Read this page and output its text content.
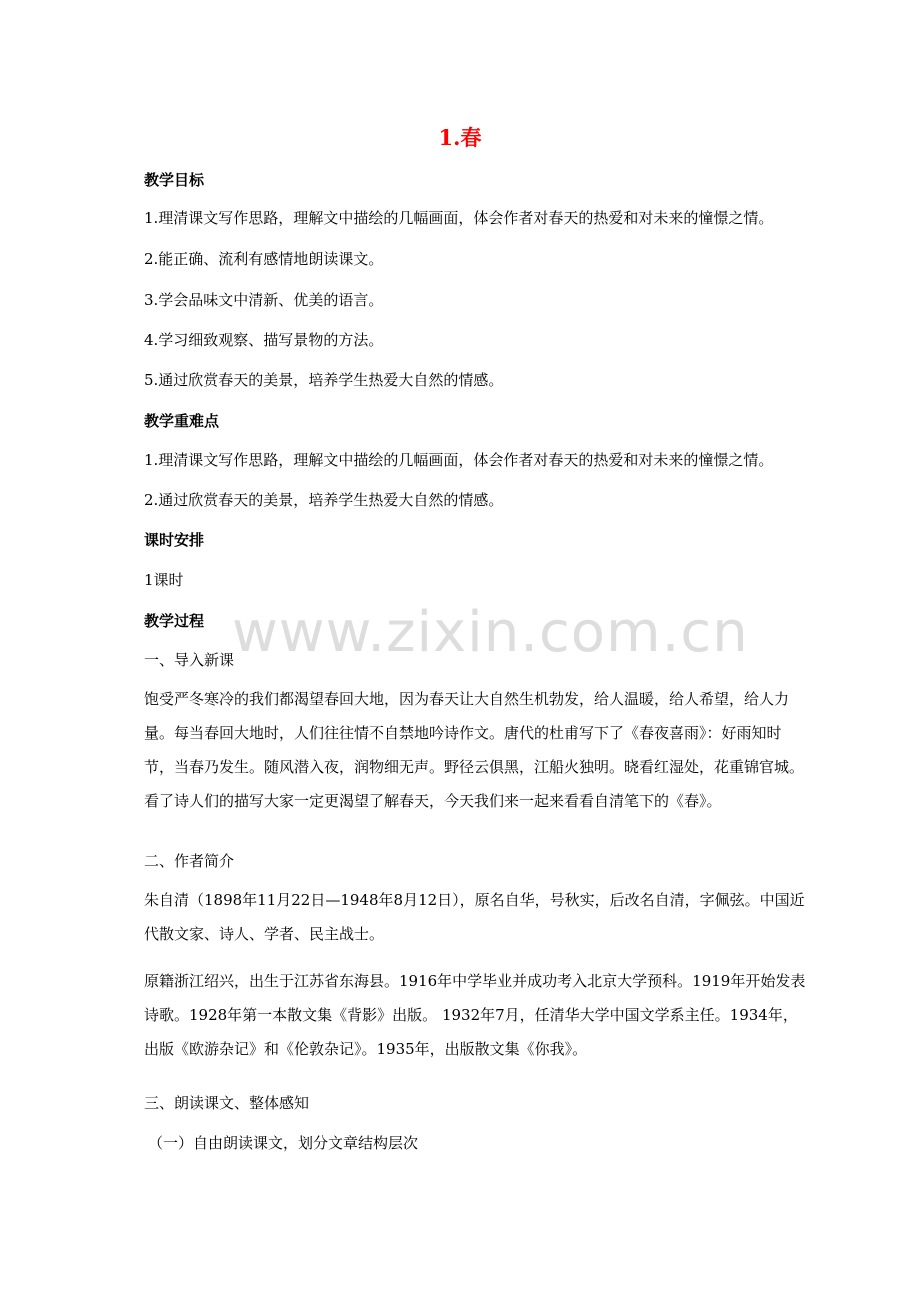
1.春
教学目标
1.理清课文写作思路，理解文中描绘的几幅画面，体会作者对春天的热爱和对未来的憧憬之情。
2.能正确、流利有感情地朗读课文。
3.学会品味文中清新、优美的语言。
4.学习细致观察、描写景物的方法。
5.通过欣赏春天的美景，培养学生热爱大自然的情感。
教学重难点
1.理清课文写作思路，理解文中描绘的几幅画面，体会作者对春天的热爱和对未来的憧憬之情。
2.通过欣赏春天的美景，培养学生热爱大自然的情感。
课时安排
1课时
教学过程
一、导入新课
饱受严冬寒冷的我们都渴望春回大地，因为春天让大自然生机勃发，给人温暖，给人希望，给人力量。每当春回大地时，人们往往情不自禁地吟诗作文。唐代的杜甫写下了《春夜喜雨》：好雨知时节，当春乃发生。随风潜入夜，润物细无声。野径云俱黑，江船火独明。晓看红湿处，花重锦官城。看了诗人们的描写大家一定更渴望了解春天，今天我们来一起来看看自清笔下的《春》。
二、作者简介
朱自清（1898年11月22日—1948年8月12日），原名自华，号秋实，后改名自清，字佩弦。中国近代散文家、诗人、学者、民主战士。
原籍浙江绍兴，出生于江苏省东海县。1916年中学毕业并成功考入北京大学预科。1919年开始发表诗歌。1928年第一本散文集《背影》出版。 1932年7月，任清华大学中国文学系主任。1934年，出版《欧游杂记》和《伦敦杂记》。1935年，出版散文集《你我》。
三、朗读课文、整体感知
（一）自由朗读课文，划分文章结构层次
www.zixin.com.cn
